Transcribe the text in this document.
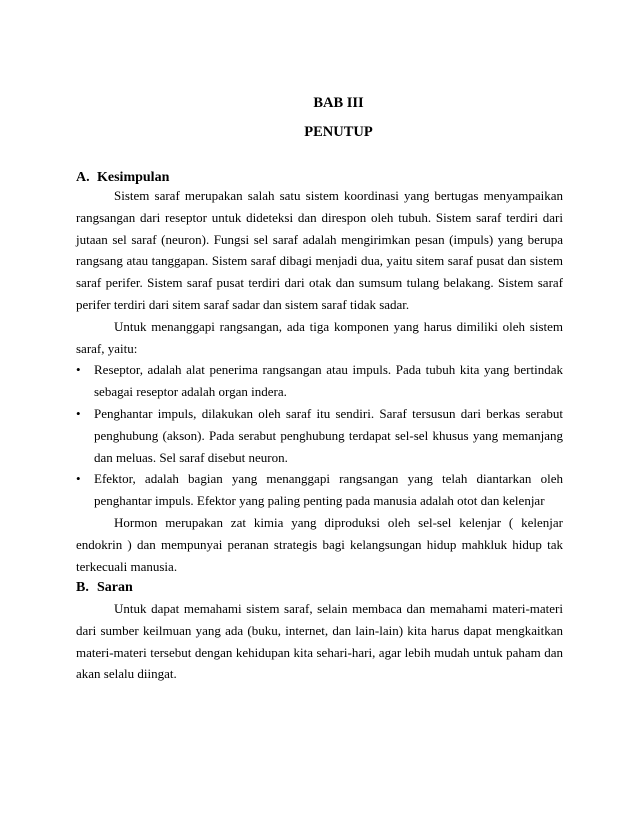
BAB III
PENUTUP
A. Kesimpulan

Sistem saraf merupakan salah satu sistem koordinasi yang bertugas menyampaikan rangsangan dari reseptor untuk dideteksi dan direspon oleh tubuh. Sistem saraf terdiri dari jutaan sel saraf (neuron). Fungsi sel saraf adalah mengirimkan pesan (impuls) yang berupa rangsang atau tanggapan. Sistem saraf dibagi menjadi dua, yaitu sitem saraf pusat dan sistem saraf perifer. Sistem saraf pusat terdiri dari otak dan sumsum tulang belakang. Sistem saraf perifer terdiri dari sitem saraf sadar dan sistem saraf tidak sadar.

Untuk menanggapi rangsangan, ada tiga komponen yang harus dimiliki oleh sistem saraf, yaitu:

• Reseptor, adalah alat penerima rangsangan atau impuls. Pada tubuh kita yang bertindak sebagai reseptor adalah organ indera.
• Penghantar impuls, dilakukan oleh saraf itu sendiri. Saraf tersusun dari berkas serabut penghubung (akson). Pada serabut penghubung terdapat sel-sel khusus yang memanjang dan meluas. Sel saraf disebut neuron.
• Efektor, adalah bagian yang menanggapi rangsangan yang telah diantarkan oleh penghantar impuls. Efektor yang paling penting pada manusia adalah otot dan kelenjar

Hormon merupakan zat kimia yang diproduksi oleh sel-sel kelenjar ( kelenjar endokrin ) dan mempunyai peranan strategis bagi kelangsungan hidup mahkluk hidup tak terkecuali manusia.

B. Saran

Untuk dapat memahami sistem saraf, selain membaca dan memahami materi-materi dari sumber keilmuan yang ada (buku, internet, dan lain-lain) kita harus dapat mengkaitkan materi-materi tersebut dengan kehidupan kita sehari-hari, agar lebih mudah untuk paham dan akan selalu diingat.
